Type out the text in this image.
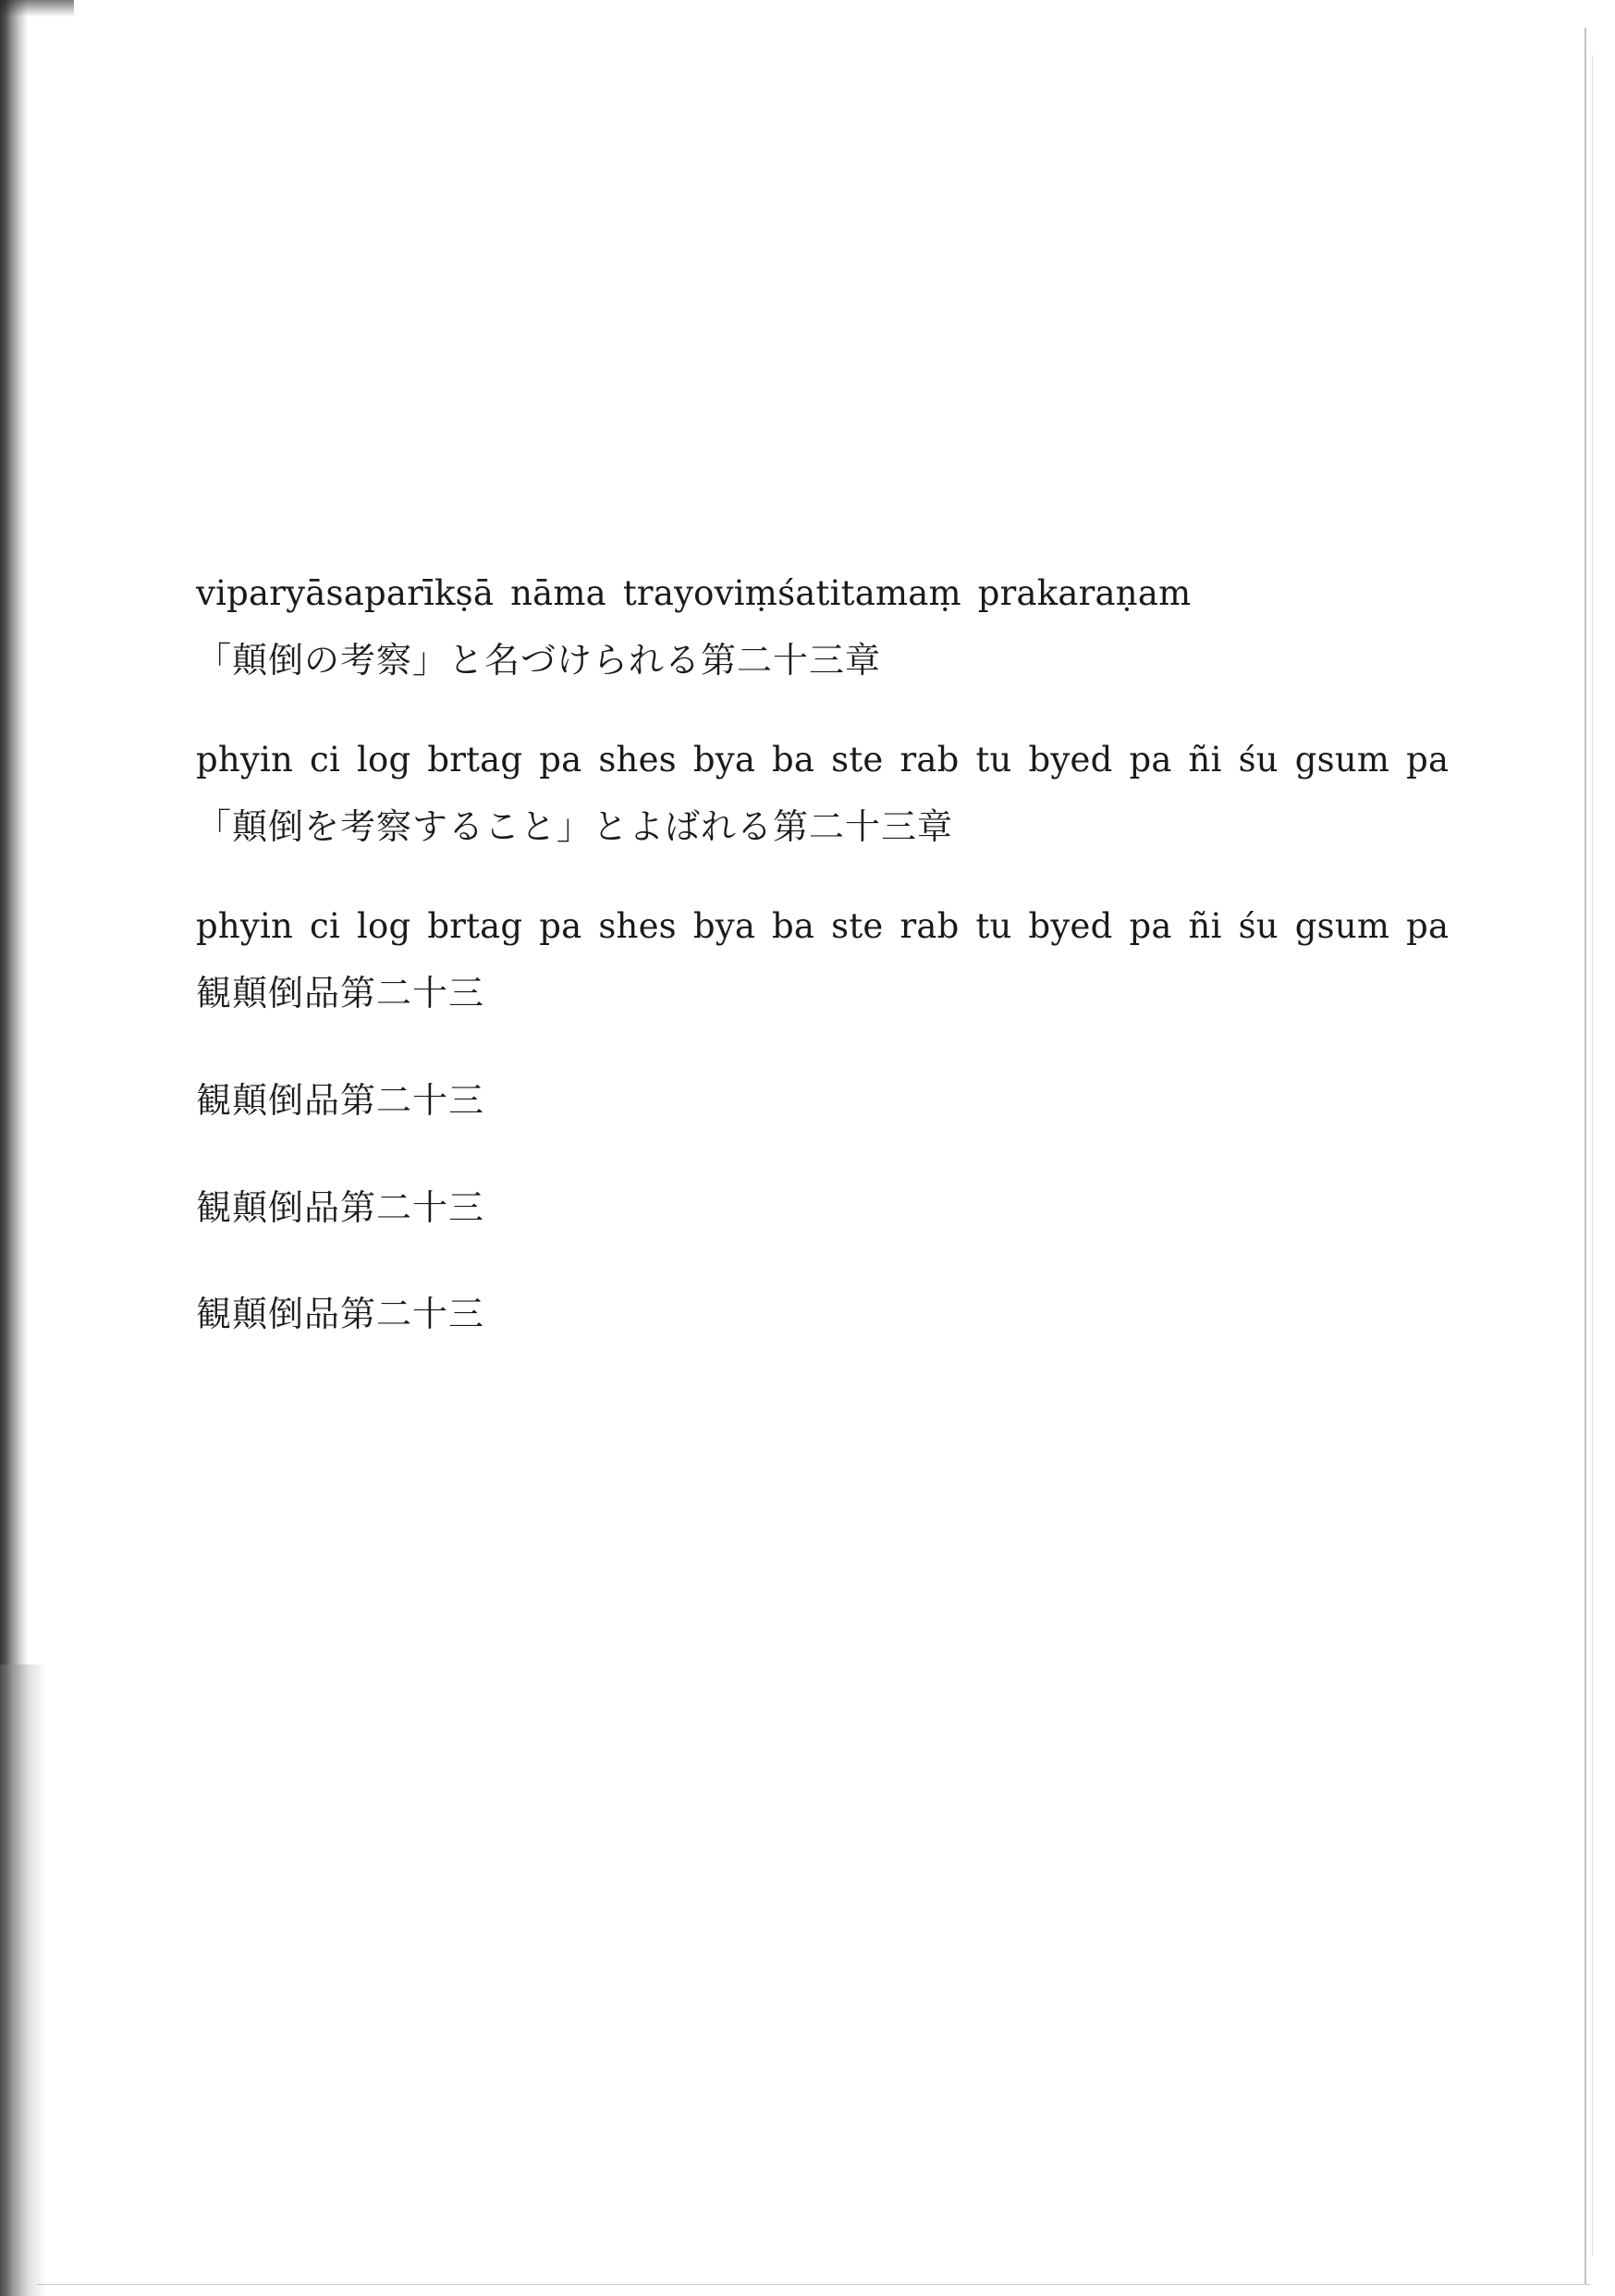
viparyāsaparīkṣā nāma trayoviṃśatitamaṃ prakaraṇam
「顛倒の考察」と名づけられる第二十三章
phyin ci log brtag pa shes bya ba ste rab tu byed pa ñi śu gsum pa
「顛倒を考察すること」とよばれる第二十三章
phyin ci log brtag pa shes bya ba ste rab tu byed pa ñi śu gsum pa
観顛倒品第二十三
観顛倒品第二十三
観顛倒品第二十三
観顛倒品第二十三
